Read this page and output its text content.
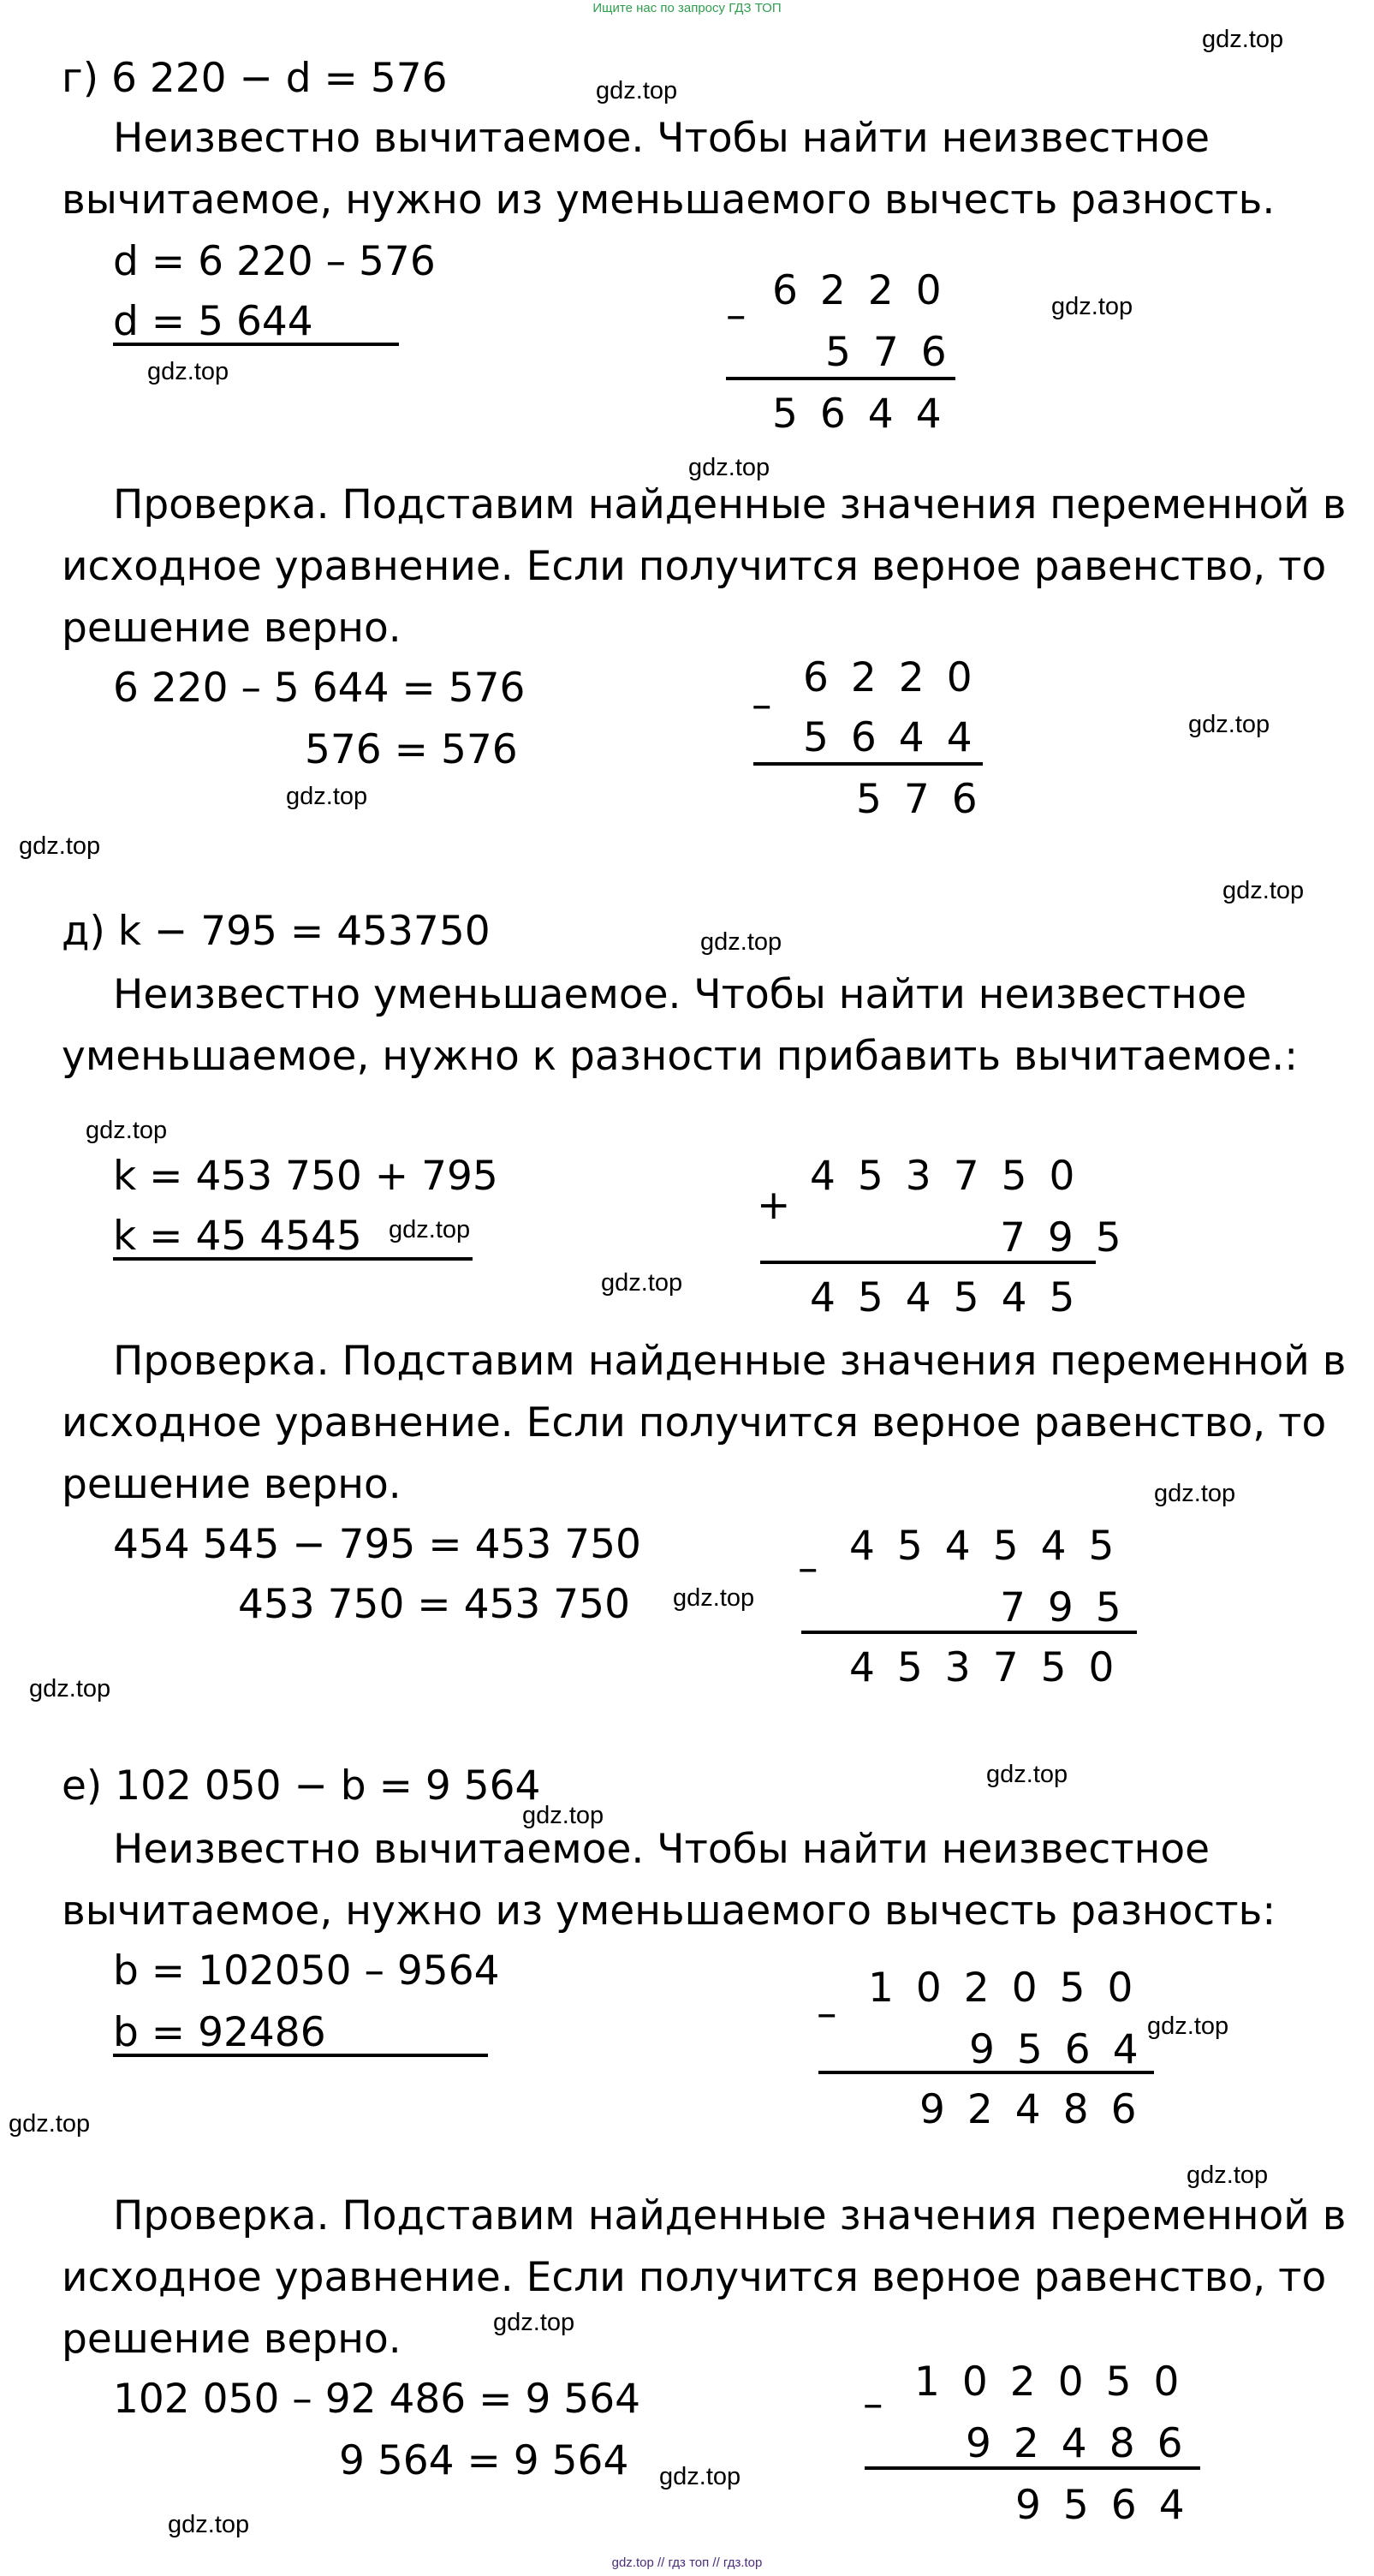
Ищите нас по запросу ГДЗ ТОП
г) 6 220 − d = 576
Неизвестно вычитаемое. Чтобы найти неизвестное
вычитаемое, нужно из уменьшаемого вычесть разность.
d = 6 220 – 576
d = 5 644	–
6220
576
5644
Проверка. Подставим найденные значения переменной в
исходное уравнение. Если получится верное равенство, то
решение верно.
6 220 – 5 644 = 576
576 = 576
–
6220
5644
576
д) k − 795 = 453750
Неизвестно уменьшаемое. Чтобы найти неизвестное
уменьшаемое, нужно к разности прибавить вычитаемое.:
k = 453 750 + 795
k = 45 4545
+
453750
795
454545
Проверка. Подставим найденные значения переменной в
исходное уравнение. Если получится верное равенство, то
решение верно.
454 545 − 795 = 453 750
453 750 = 453 750
– 454545
795
453750
е) 102 050 − b = 9 564
Неизвестно вычитаемое. Чтобы найти неизвестное
вычитаемое, нужно из уменьшаемого вычесть разность:
b = 102050 – 9564
b = 92486	–
102050
9564
92486
Проверка. Подставим найденные значения переменной в
исходное уравнение. Если получится верное равенство, то
решение верно.
102 050 – 92 486 = 9 564
9 564 = 9 564
– 102050
92486
9564
gdz.top
gdz.top
gdz.top
gdz.top
gdz.top
gdz.top
gdz.top
gdz.top
gdz.top
gdz.top
gdz.top
gdz.top
gdz.top
gdz.top
gdz.top
gdz.top
gdz.top
gdz.top
gdz.top
gdz.top
gdz.top
gdz.top
gdz.top
gdz.top
gdz.top // гдз топ // гдз.top
